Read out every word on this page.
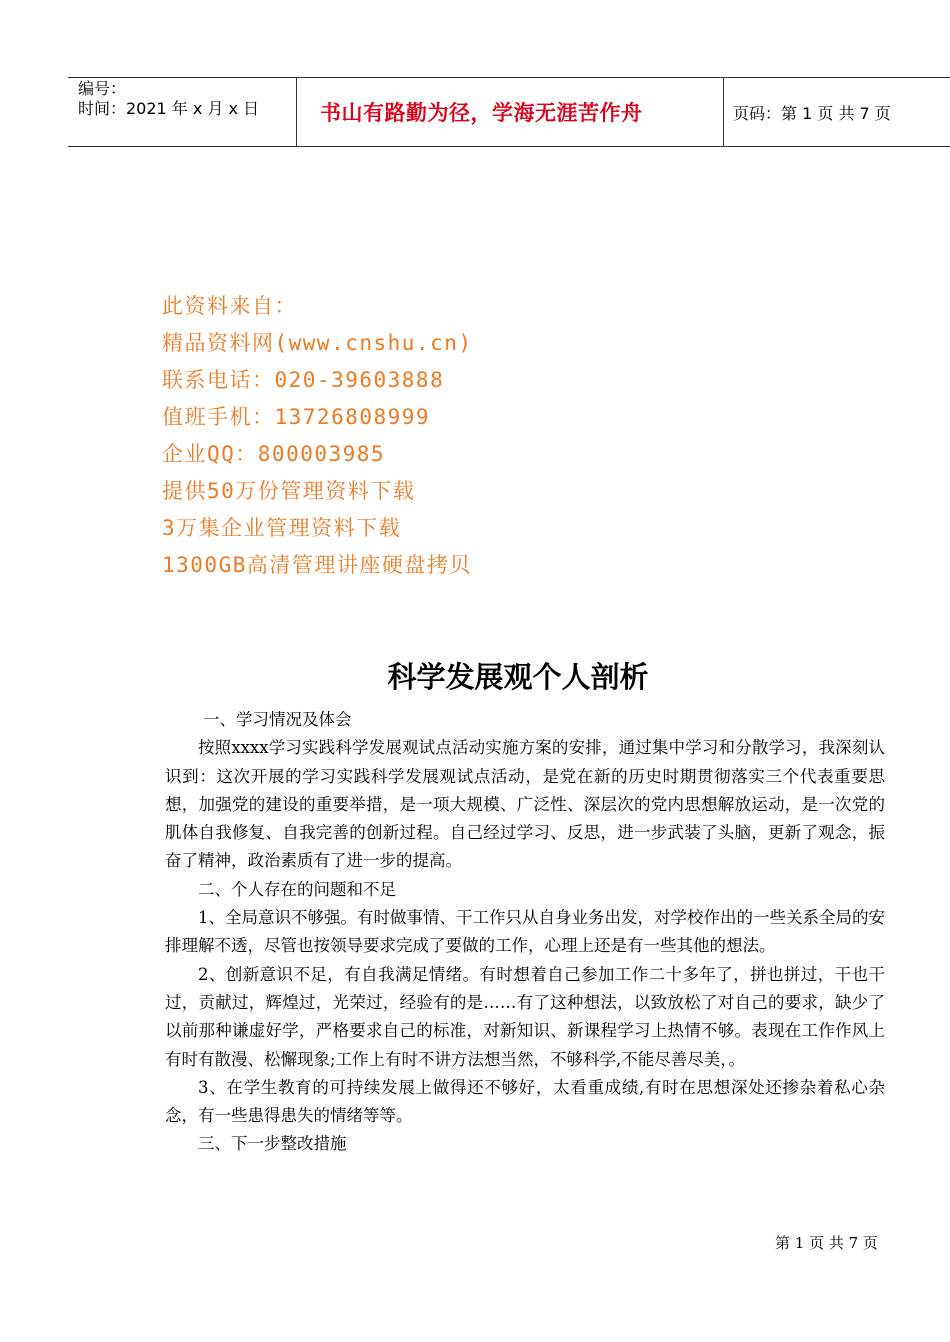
编号：
时间：2021 年 x 月 x 日	书山有路勤为径，学海无涯苦作舟	页码：第 1 页 共 7 页
此资料来自：
精品资料网(www.cnshu.cn)
联系电话：020-39603888
值班手机：13726808999
企业QQ：800003985
提供50万份管理资料下载
3万集企业管理资料下载
1300GB高清管理讲座硬盘拷贝
科学发展观个人剖析

一、学习情况及体会

按照xxxx学习实践科学发展观试点活动实施方案的安排，通过集中学习和分散学习，我深刻认识到：这次开展的学习实践科学发展观试点活动，是党在新的历史时期贯彻落实三个代表重要思想，加强党的建设的重要举措，是一项大规模、广泛性、深层次的党内思想解放运动，是一次党的肌体自我修复、自我完善的创新过程。自己经过学习、反思，进一步武装了头脑，更新了观念，振奋了精神，政治素质有了进一步的提高。

二、个人存在的问题和不足

1、全局意识不够强。有时做事情、干工作只从自身业务出发，对学校作出的一些关系全局的安排理解不透，尽管也按领导要求完成了要做的工作，心理上还是有一些其他的想法。

2、创新意识不足，有自我满足情绪。有时想着自己参加工作二十多年了，拼也拼过，干也干过，贡献过，辉煌过，光荣过，经验有的是……有了这种想法，以致放松了对自己的要求，缺少了以前那种谦虚好学，严格要求自己的标准，对新知识、新课程学习上热情不够。表现在工作作风上有时有散漫、松懈现象;工作上有时不讲方法想当然，不够科学,不能尽善尽美，。

3、在学生教育的可持续发展上做得还不够好，太看重成绩,有时在思想深处还掺杂着私心杂念，有一些患得患失的情绪等等。

三、下一步整改措施

第 1 页 共 7 页
